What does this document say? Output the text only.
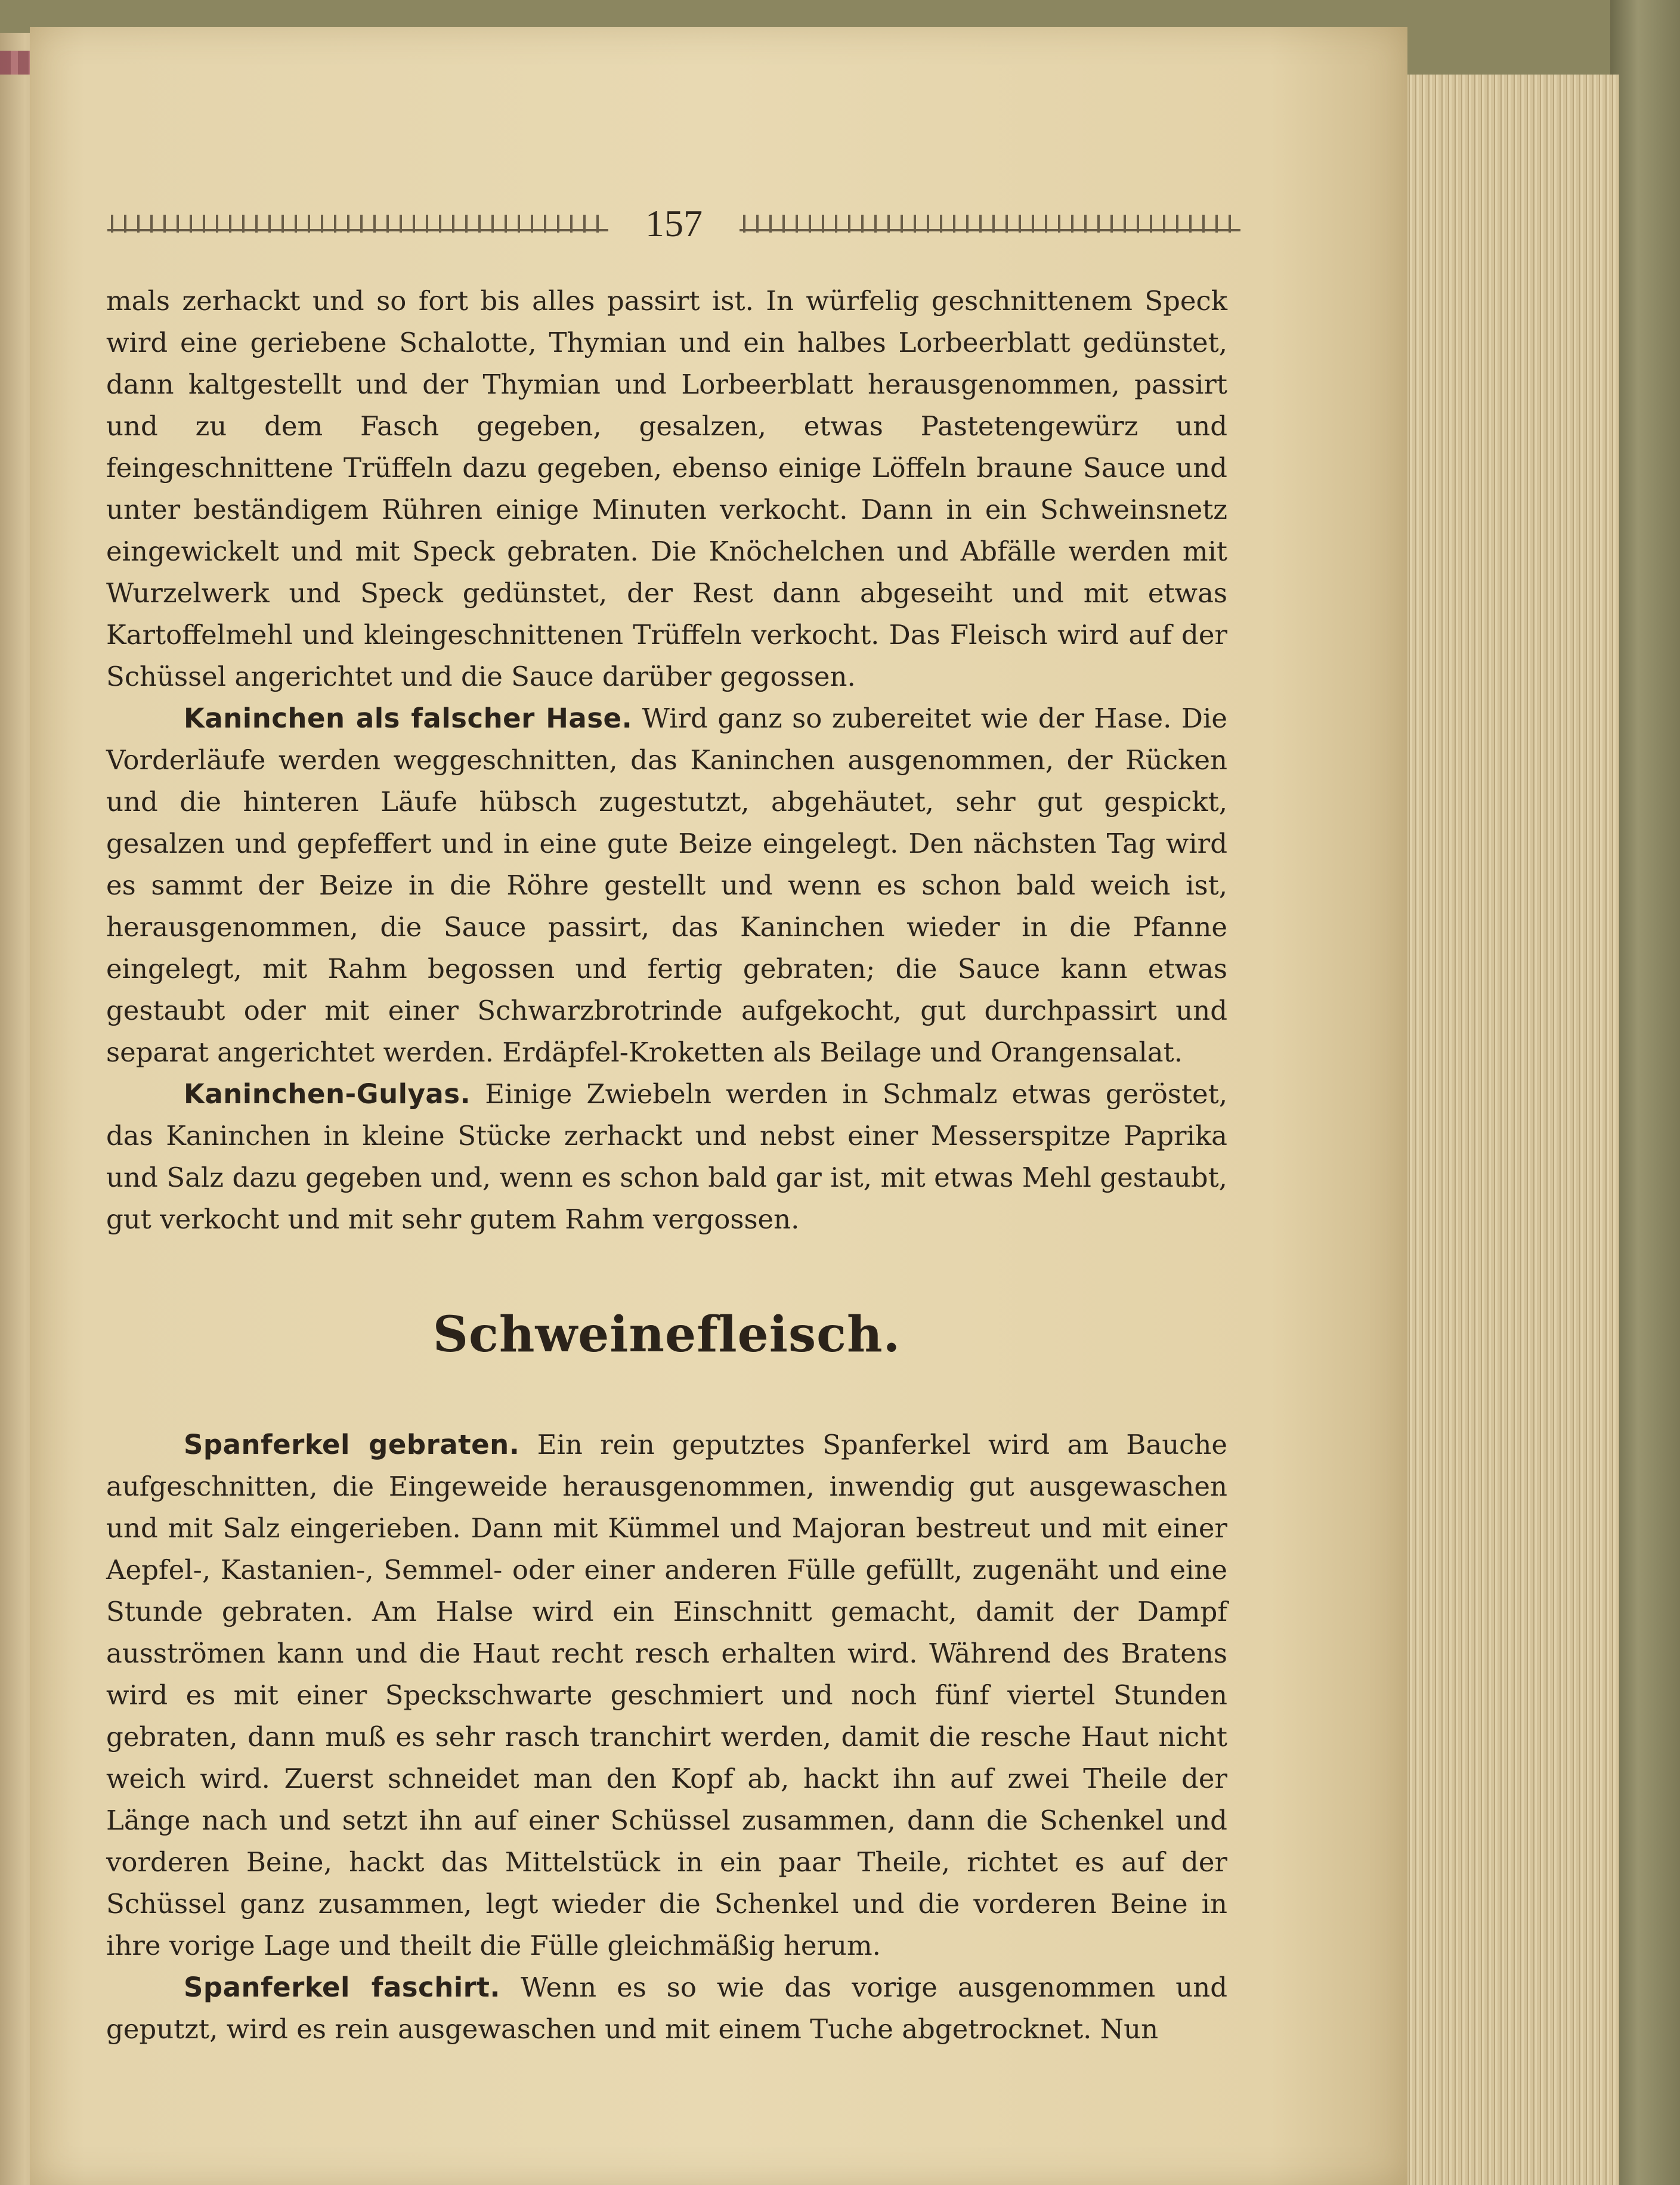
157

mals zerhackt und so fort bis alles passirt ist. In würfelig geschnittenem Speck wird eine geriebene Schalotte, Thymian und ein halbes Lorbeerblatt gedünstet, dann kaltgestellt und der Thymian und Lorbeerblatt herausgenommen, passirt und zu dem Fasch gegeben, gesalzen, etwas Pastetengewürz und feingeschnittene Trüffeln dazu gegeben, ebenso einige Löffeln braune Sauce und unter beständigem Rühren einige Minuten verkocht. Dann in ein Schweinsnetz eingewickelt und mit Speck gebraten. Die Knöchelchen und Abfälle werden mit Wurzelwerk und Speck gedünstet, der Rest dann abgeseiht und mit etwas Kartoffelmehl und kleingeschnittenen Trüffeln verkocht. Das Fleisch wird auf der Schüssel angerichtet und die Sauce darüber gegossen.

Kaninchen als falscher Hase. Wird ganz so zubereitet wie der Hase. Die Vorderläufe werden weggeschnitten, das Kaninchen ausgenommen, der Rücken und die hinteren Läufe hübsch zugestutzt, abgehäutet, sehr gut gespickt, gesalzen und gepfeffert und in eine gute Beize eingelegt. Den nächsten Tag wird es sammt der Beize in die Röhre gestellt und wenn es schon bald weich ist, herausgenommen, die Sauce passirt, das Kaninchen wieder in die Pfanne eingelegt, mit Rahm begossen und fertig gebraten; die Sauce kann etwas gestaubt oder mit einer Schwarzbrotrinde aufgekocht, gut durchpassirt und separat angerichtet werden. Erdäpfel-Kroketten als Beilage und Orangensalat.

Kaninchen-Gulyas. Einige Zwiebeln werden in Schmalz etwas geröstet, das Kaninchen in kleine Stücke zerhackt und nebst einer Messerspitze Paprika und Salz dazu gegeben und, wenn es schon bald gar ist, mit etwas Mehl gestaubt, gut verkocht und mit sehr gutem Rahm vergossen.

Schweinefleisch.

Spanferkel gebraten. Ein rein geputztes Spanferkel wird am Bauche aufgeschnitten, die Eingeweide herausgenommen, inwendig gut ausgewaschen und mit Salz eingerieben. Dann mit Kümmel und Majoran bestreut und mit einer Aepfel-, Kastanien-, Semmel- oder einer anderen Fülle gefüllt, zugenäht und eine Stunde gebraten. Am Halse wird ein Einschnitt gemacht, damit der Dampf ausströmen kann und die Haut recht resch erhalten wird. Während des Bratens wird es mit einer Speckschwarte geschmiert und noch fünf viertel Stunden gebraten, dann muß es sehr rasch tranchirt werden, damit die resche Haut nicht weich wird. Zuerst schneidet man den Kopf ab, hackt ihn auf zwei Theile der Länge nach und setzt ihn auf einer Schüssel zusammen, dann die Schenkel und vorderen Beine, hackt das Mittelstück in ein paar Theile, richtet es auf der Schüssel ganz zusammen, legt wieder die Schenkel und die vorderen Beine in ihre vorige Lage und theilt die Fülle gleichmäßig herum.

Spanferkel faschirt. Wenn es so wie das vorige ausgenommen und geputzt, wird es rein ausgewaschen und mit einem Tuche abgetrocknet. Nun
